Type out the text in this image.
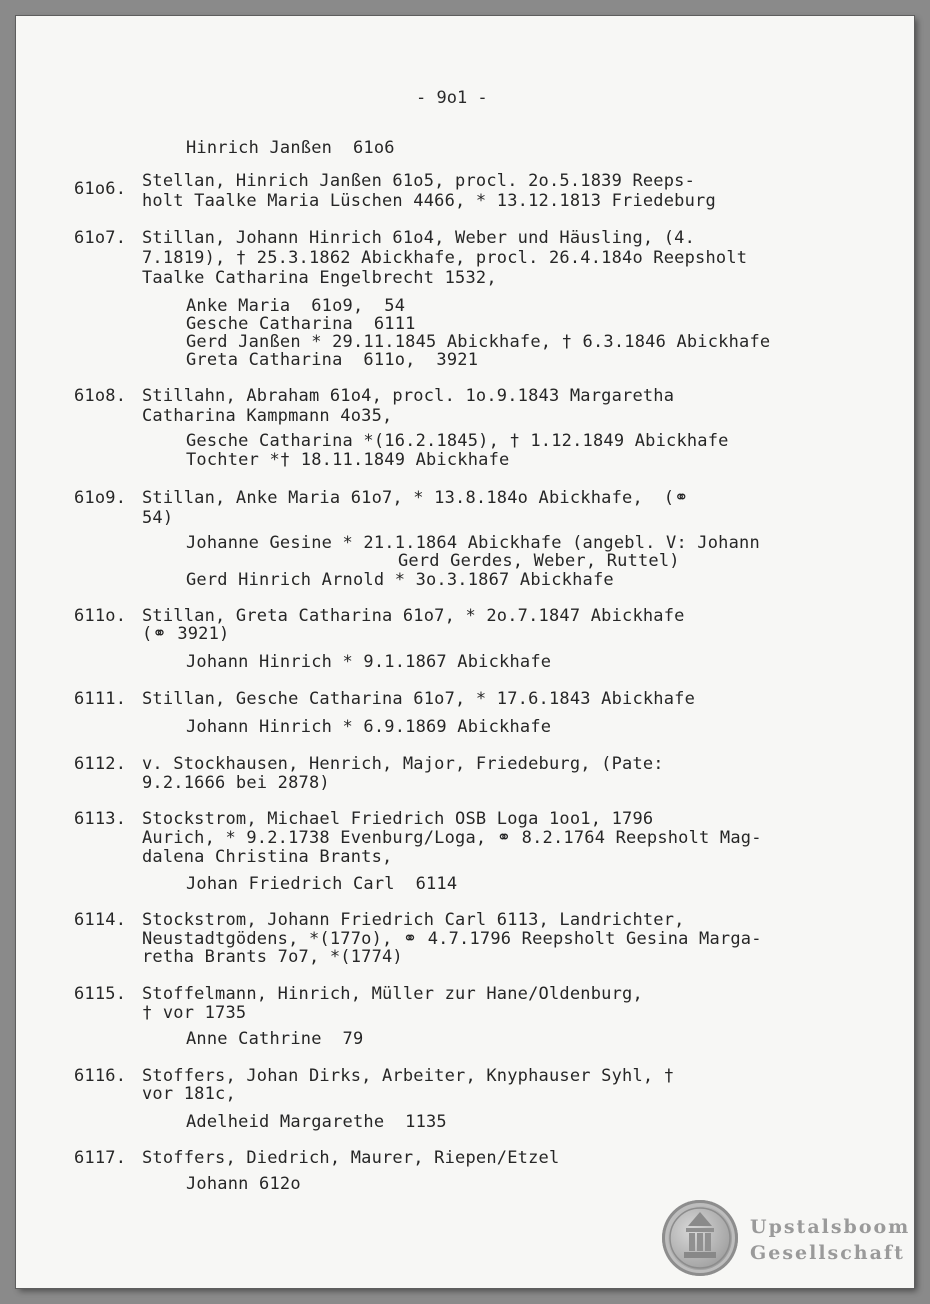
- 9o1 -
Hinrich Janßen  61o6
61o6. Stellan, Hinrich Janßen 61o5, procl. 2o.5.1839 Reeps-
holt Taalke Maria Lüschen 4466, * 13.12.1813 Friedeburg
61o7. Stillan, Johann Hinrich 61o4, Weber und Häusling, (4.
7.1819), † 25.3.1862 Abickhafe, procl. 26.4.184o Reepsholt
Taalke Catharina Engelbrecht 1532,
Anke Maria  61o9,  54
Gesche Catharina  6111
Gerd Janßen * 29.11.1845 Abickhafe, † 6.3.1846 Abickhafe
Greta Catharina  611o,  3921
61o8. Stillahn, Abraham 61o4, procl. 1o.9.1843 Margaretha
Catharina Kampmann 4o35,
Gesche Catharina *(16.2.1845), † 1.12.1849 Abickhafe
Tochter *† 18.11.1849 Abickhafe
61o9. Stillan, Anke Maria 61o7, * 13.8.184o Abickhafe,  (⚭
54)
Johanne Gesine * 21.1.1864 Abickhafe (angebl. V: Johann
Gerd Gerdes, Weber, Ruttel)
Gerd Hinrich Arnold * 3o.3.1867 Abickhafe
611o. Stillan, Greta Catharina 61o7, * 2o.7.1847 Abickhafe
(⚭ 3921)
Johann Hinrich * 9.1.1867 Abickhafe
6111. Stillan, Gesche Catharina 61o7, * 17.6.1843 Abickhafe
Johann Hinrich * 6.9.1869 Abickhafe
6112. v. Stockhausen, Henrich, Major, Friedeburg, (Pate:
9.2.1666 bei 2878)
6113. Stockstrom, Michael Friedrich OSB Loga 1oo1, 1796
Aurich, * 9.2.1738 Evenburg/Loga, ⚭ 8.2.1764 Reepsholt Mag-
dalena Christina Brants,
Johan Friedrich Carl  6114
6114. Stockstrom, Johann Friedrich Carl 6113, Landrichter,
Neustadtgödens, *(177o), ⚭ 4.7.1796 Reepsholt Gesina Marga-
retha Brants 7o7, *(1774)
6115. Stoffelmann, Hinrich, Müller zur Hane/Oldenburg,
† vor 1735
Anne Cathrine  79
6116. Stoffers, Johan Dirks, Arbeiter, Knyphauser Syhl, †
vor 181c,
Adelheid Margarethe  1135
6117. Stoffers, Diedrich, Maurer, Riepen/Etzel
Johann 612o
Upstalsboom
Gesellschaft
